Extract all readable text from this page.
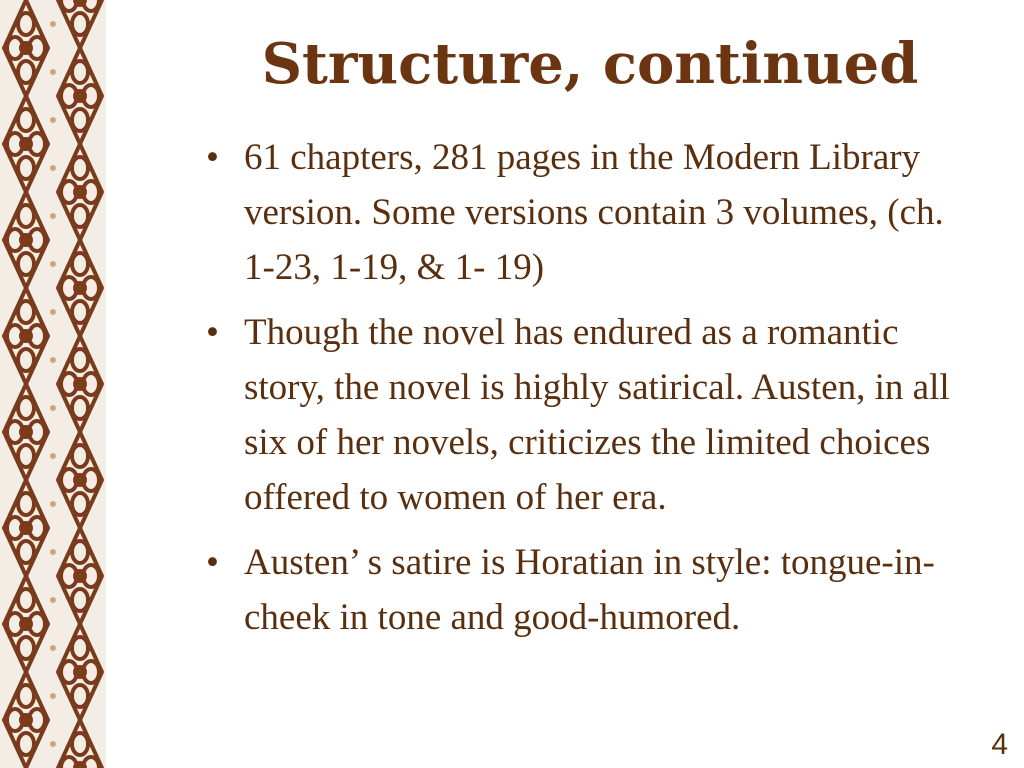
Structure, continued
• 61 chapters, 281 pages in the Modern Library version. Some versions contain 3 volumes, (ch. 1-23, 1-19, & 1- 19)
• Though the novel has endured as a romantic story, the novel is highly satirical. Austen, in all six of her novels, criticizes the limited choices offered to women of her era.
• Austen’ s satire is Horatian in style: tongue-in-cheek in tone and good-humored.
4
